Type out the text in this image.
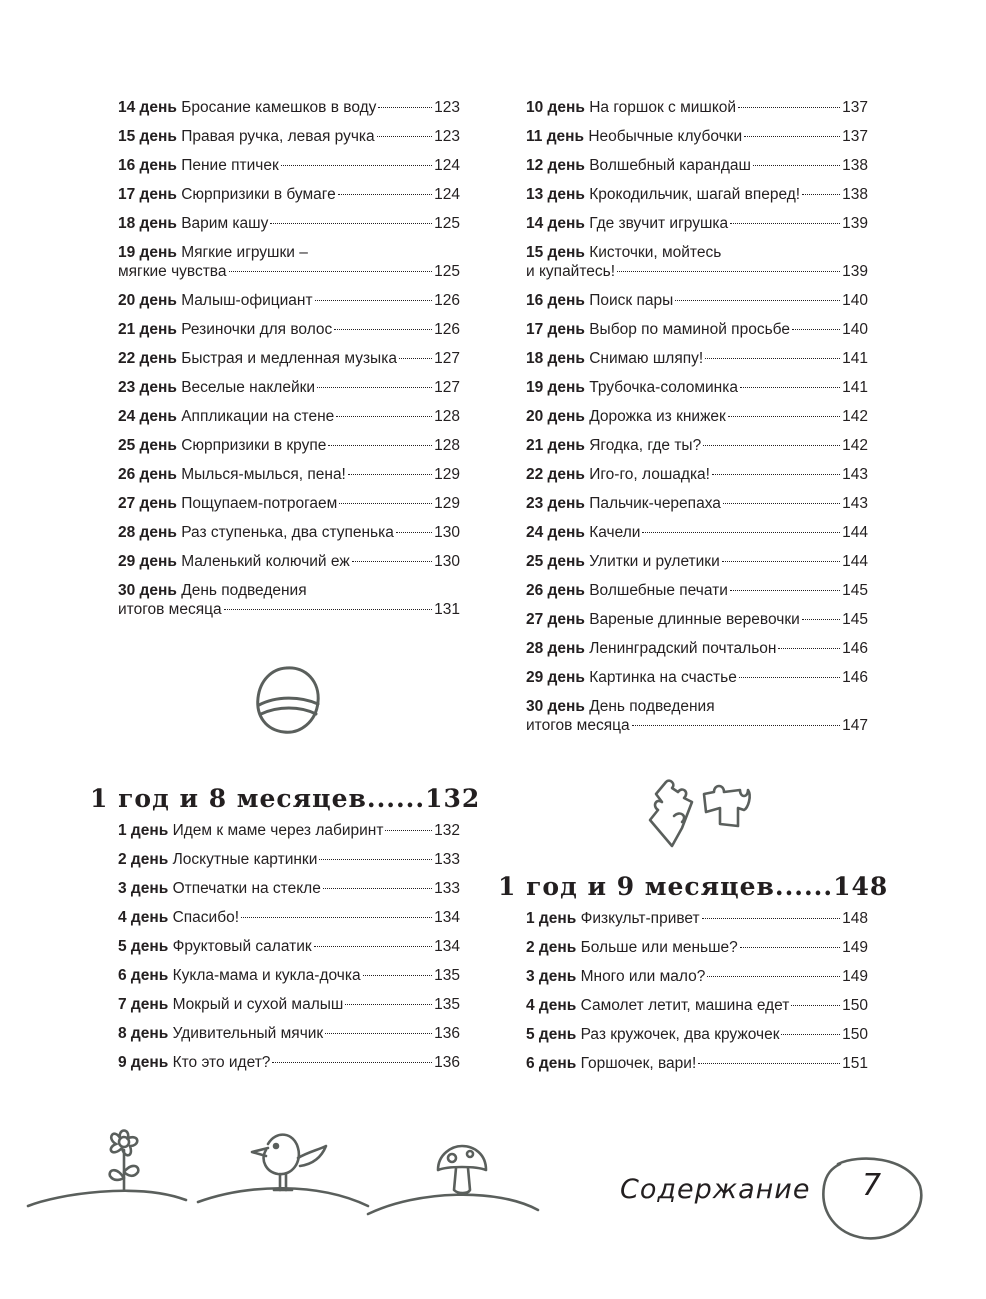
14 день Бросание камешков в воду	123
15 день Правая ручка, левая ручка	123
16 день Пение птичек	124
17 день Сюрпризики в бумаге	124
18 день Варим кашу	125
19 день Мягкие игрушки –
мягкие чувства	125
20 день Малыш-официант	126
21 день Резиночки для волос	126
22 день Быстрая и медленная музыка 127
23 день Веселые наклейки	127
24 день Аппликации на стене	128
25 день Сюрпризики в крупе	128
26 день Мылься-мылься, пена!	129
27 день Пощупаем-потрогаем	129
28 день Раз ступенька, два ступенька	130
29 день Маленький колючий еж	130
30 день День подведения
итогов месяца	131
1 год и 8 месяцев......132
1 день Идем к маме через лабиринт	132
2 день Лоскутные картинки	133
3 день Отпечатки на стекле	133
4 день Спасибо!	134
5 день Фруктовый салатик	134
6 день Кукла-мама и кукла-дочка	135
7 день Мокрый и сухой малыш	135
8 день Удивительный мячик	136
9 день Кто это идет?	136
10 день На горшок с мишкой	137
11 день Необычные клубочки	137
12 день Волшебный карандаш	138
13 день Крокодильчик, шагай вперед!	138
14 день Где звучит игрушка	139
15 день Кисточки, мойтесь
и купайтесь!	139
16 день Поиск пары	140
17 день Выбор по маминой просьбе	140
18 день Снимаю шляпу!	141
19 день Трубочка-соломинка	141
20 день Дорожка из книжек	142
21 день Ягодка, где ты?	142
22 день Иго-го, лошадка!	143
23 день Пальчик-черепаха	143
24 день Качели	144
25 день Улитки и рулетики	144
26 день Волшебные печати	145
27 день Вареные длинные веревочки	145
28 день Ленинградский почтальон	146
29 день Картинка на счастье	146
30 день День подведения
итогов месяца	147
1 год и 9 месяцев......148
1 день Физкульт-привет	148
2 день Больше или меньше?	149
3 день Много или мало?	149
4 день Самолет летит, машина едет	150
5 день Раз кружочек, два кружочек	150
6 день Горшочек, вари!	151
Содержание 7
